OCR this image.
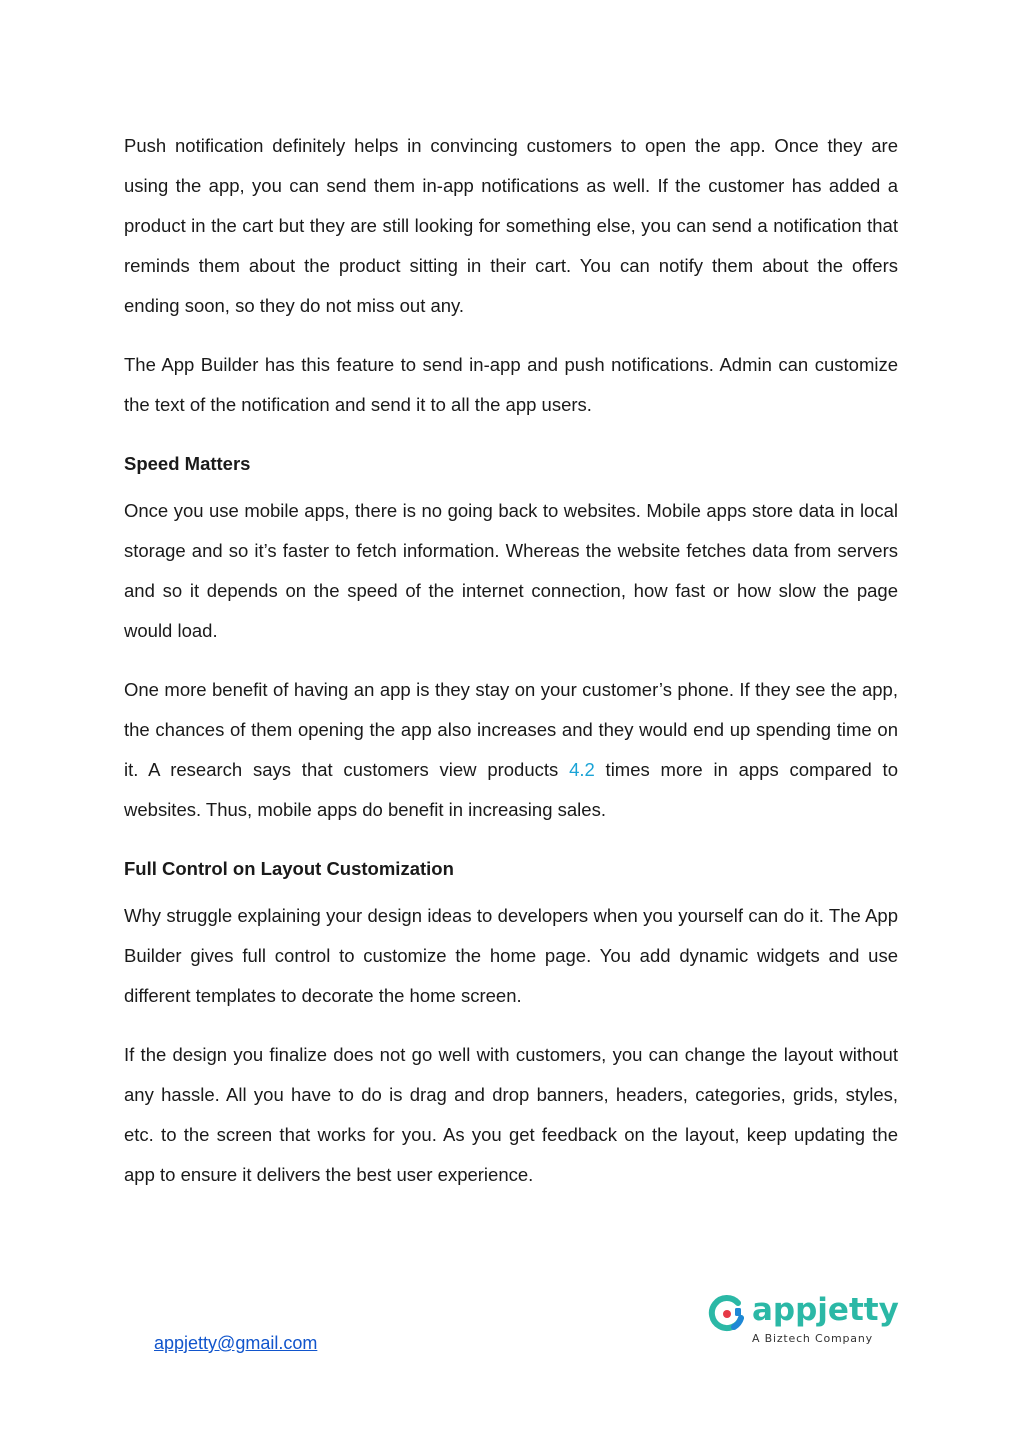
Push notification definitely helps in convincing customers to open the app. Once they are using the app, you can send them in-app notifications as well. If the customer has added a product in the cart but they are still looking for something else, you can send a notification that reminds them about the product sitting in their cart. You can notify them about the offers ending soon, so they do not miss out any.

The App Builder has this feature to send in-app and push notifications. Admin can customize the text of the notification and send it to all the app users.

Speed Matters

Once you use mobile apps, there is no going back to websites. Mobile apps store data in local storage and so it’s faster to fetch information. Whereas the website fetches data from servers and so it depends on the speed of the internet connection, how fast or how slow the page would load.

One more benefit of having an app is they stay on your customer’s phone. If they see the app, the chances of them opening the app also increases and they would end up spending time on it. A research says that customers view products 4.2 times more in apps compared to websites. Thus, mobile apps do benefit in increasing sales.

Full Control on Layout Customization

Why struggle explaining your design ideas to developers when you yourself can do it. The App Builder gives full control to customize the home page. You add dynamic widgets and use different templates to decorate the home screen.

If the design you finalize does not go well with customers, you can change the layout without any hassle. All you have to do is drag and drop banners, headers, categories, grids, styles, etc. to the screen that works for you. As you get feedback on the layout, keep updating the app to ensure it delivers the best user experience.

appjetty@gmail.com
appjetty
A Biztech Company
